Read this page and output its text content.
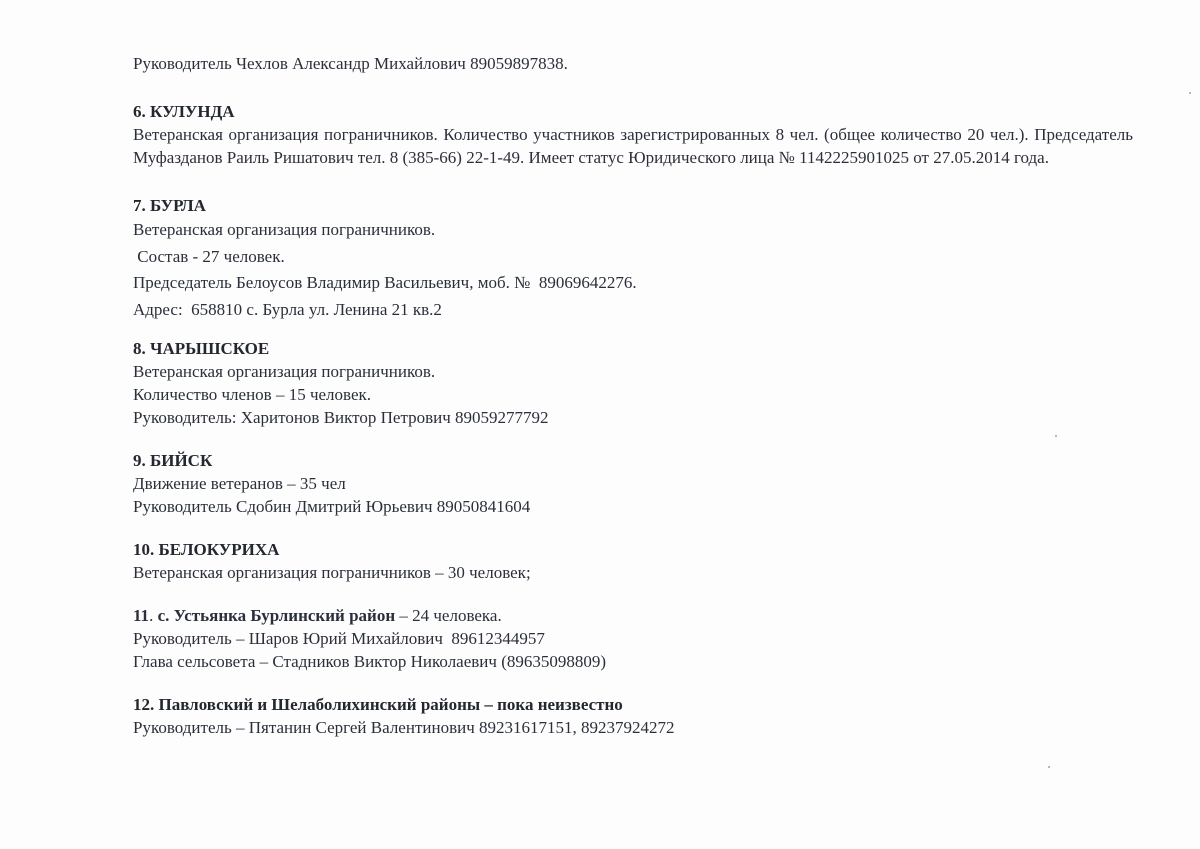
Руководитель Чехлов Александр Михайлович 89059897838.
6. КУЛУНДА
Ветеранская организация пограничников. Количество участников зарегистрированных 8 чел. (общее количество 20 чел.). Председатель Муфазданов Раиль Ришатович тел. 8 (385-66) 22-1-49. Имеет статус Юридического лица № 1142225901025 от 27.05.2014 года.
7. БУРЛА
Ветеранская организация пограничников.
Состав - 27 человек.
Председатель Белоусов Владимир Васильевич, моб. №  89069642276.
Адрес:  658810 с. Бурла ул. Ленина 21 кв.2
8. ЧАРЫШСКОЕ
Ветеранская организация пограничников.
Количество членов – 15 человек.
Руководитель: Харитонов Виктор Петрович 89059277792
9. БИЙСК
Движение ветеранов – 35 чел
Руководитель Сдобин Дмитрий Юрьевич 89050841604
10. БЕЛОКУРИХА
Ветеранская организация пограничников – 30 человек;
11. с. Устьянка Бурлинский район – 24 человека.
Руководитель – Шаров Юрий Михайлович  89612344957
Глава сельсовета – Стадников Виктор Николаевич (89635098809)
12. Павловский и Шелаболихинский районы – пока неизвестно
Руководитель – Пятанин Сергей Валентинович 89231617151, 89237924272
